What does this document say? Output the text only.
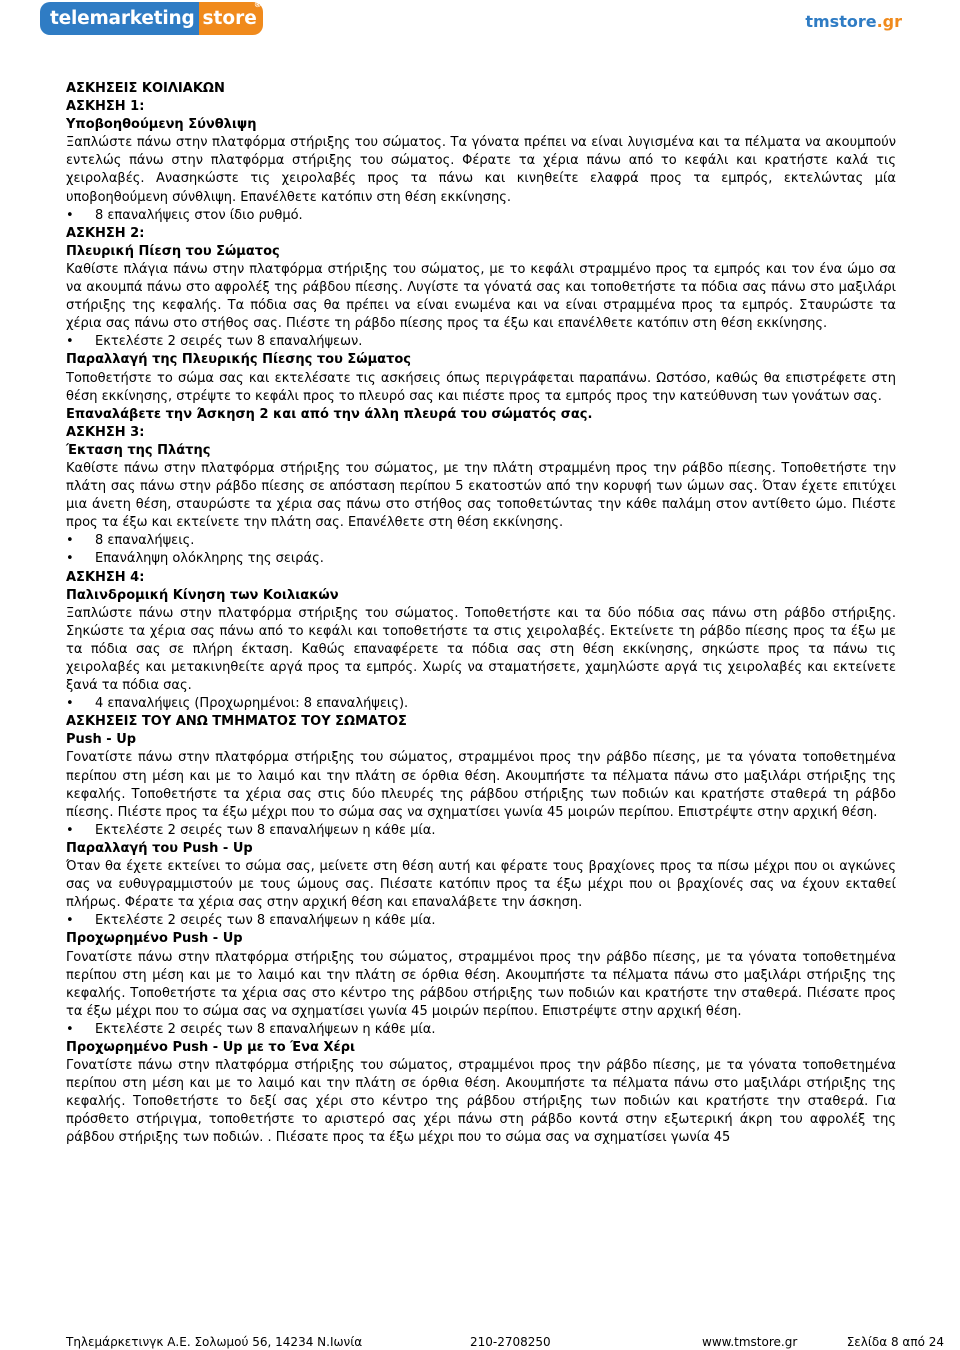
telemarketing store
®
tmstore.gr
ΑΣΚΗΣΕΙΣ ΚΟΙΛΙΑΚΩΝ
ΑΣΚΗΣΗ 1:
Υποβοηθούμενη Σύνθλιψη
Ξαπλώστε πάνω στην πλατφόρμα στήριξης του σώματος. Τα γόνατα πρέπει να είναι λυγισμένα και τα πέλματα να ακουμπούν εντελώς πάνω στην πλατφόρμα στήριξης του σώματος. Φέρατε τα χέρια πάνω από το κεφάλι και κρατήστε καλά τις χειρολαβές. Ανασηκώστε τις χειρολαβές προς τα πάνω και κινηθείτε ελαφρά προς τα εμπρός, εκτελώντας μία υποβοηθούμενη σύνθλιψη. Επανέλθετε κατόπιν στη θέση εκκίνησης.
• 8 επαναλήψεις στον ίδιο ρυθμό.
ΑΣΚΗΣΗ 2:
Πλευρική Πίεση του Σώματος
Καθίστε πλάγια πάνω στην πλατφόρμα στήριξης του σώματος, με το κεφάλι στραμμένο προς τα εμπρός και τον ένα ώμο σα να ακουμπά πάνω στο αφρολέξ της ράβδου πίεσης. Λυγίστε τα γόνατά σας και τοποθετήστε τα πόδια σας πάνω στο μαξιλάρι στήριξης της κεφαλής. Τα πόδια σας θα πρέπει να είναι ενωμένα και να είναι στραμμένα προς τα εμπρός. Σταυρώστε τα χέρια σας πάνω στο στήθος σας. Πιέστε τη ράβδο πίεσης προς τα έξω και επανέλθετε κατόπιν στη θέση εκκίνησης.
• Εκτελέστε 2 σειρές των 8 επαναλήψεων.
Παραλλαγή της Πλευρικής Πίεσης του Σώματος
Τοποθετήστε το σώμα σας και εκτελέσατε τις ασκήσεις όπως περιγράφεται παραπάνω. Ωστόσο, καθώς θα επιστρέφετε στη θέση εκκίνησης, στρέψτε το κεφάλι προς το πλευρό σας και πιέστε προς τα εμπρός προς την κατεύθυνση των γονάτων σας.
Επαναλάβετε την Άσκηση 2 και από την άλλη πλευρά του σώματός σας.
ΑΣΚΗΣΗ 3:
Έκταση της Πλάτης
Καθίστε πάνω στην πλατφόρμα στήριξης του σώματος, με την πλάτη στραμμένη προς την ράβδο πίεσης. Τοποθετήστε την πλάτη σας πάνω στην ράβδο πίεσης σε απόσταση περίπου 5 εκατοστών από την κορυφή των ώμων σας. Όταν έχετε επιτύχει μια άνετη θέση, σταυρώστε τα χέρια σας πάνω στο στήθος σας τοποθετώντας την κάθε παλάμη στον αντίθετο ώμο. Πιέστε προς τα έξω και εκτείνετε την πλάτη σας. Επανέλθετε στη θέση εκκίνησης.
• 8 επαναλήψεις.
• Επανάληψη ολόκληρης της σειράς.
ΑΣΚΗΣΗ 4:
Παλινδρομική Κίνηση των Κοιλιακών
Ξαπλώστε πάνω στην πλατφόρμα στήριξης του σώματος. Τοποθετήστε και τα δύο πόδια σας πάνω στη ράβδο στήριξης. Σηκώστε τα χέρια σας πάνω από το κεφάλι και τοποθετήστε τα στις χειρολαβές. Εκτείνετε τη ράβδο πίεσης προς τα έξω με τα πόδια σας σε πλήρη έκταση. Καθώς επαναφέρετε τα πόδια σας στη θέση εκκίνησης, σηκώστε προς τα πάνω τις χειρολαβές και μετακινηθείτε αργά προς τα εμπρός. Χωρίς να σταματήσετε, χαμηλώστε αργά τις χειρολαβές και εκτείνετε ξανά τα πόδια σας.
• 4 επαναλήψεις (Προχωρημένοι: 8 επαναλήψεις).
ΑΣΚΗΣΕΙΣ ΤΟΥ ΑΝΩ ΤΜΗΜΑΤΟΣ ΤΟΥ ΣΩΜΑΤΟΣ
Push - Up
Γονατίστε πάνω στην πλατφόρμα στήριξης του σώματος, στραμμένοι προς την ράβδο πίεσης, με τα γόνατα τοποθετημένα περίπου στη μέση και με το λαιμό και την πλάτη σε όρθια θέση. Ακουμπήστε τα πέλματα πάνω στο μαξιλάρι στήριξης της κεφαλής. Τοποθετήστε τα χέρια σας στις δύο πλευρές της ράβδου στήριξης των ποδιών και κρατήστε σταθερά τη ράβδο πίεσης. Πιέστε προς τα έξω μέχρι που το σώμα σας να σχηματίσει γωνία 45 μοιρών περίπου. Επιστρέψτε στην αρχική θέση.
• Εκτελέστε 2 σειρές των 8 επαναλήψεων η κάθε μία.
Παραλλαγή του Push - Up
Όταν θα έχετε εκτείνει το σώμα σας, μείνετε στη θέση αυτή και φέρατε τους βραχίονες προς τα πίσω μέχρι που οι αγκώνες σας να ευθυγραμμιστούν με τους ώμους σας. Πιέσατε κατόπιν προς τα έξω μέχρι που οι βραχίονές σας να έχουν εκταθεί πλήρως. Φέρατε τα χέρια σας στην αρχική θέση και επαναλάβετε την άσκηση.
• Εκτελέστε 2 σειρές των 8 επαναλήψεων η κάθε μία.
Προχωρημένο Push - Up
Γονατίστε πάνω στην πλατφόρμα στήριξης του σώματος, στραμμένοι προς την ράβδο πίεσης, με τα γόνατα τοποθετημένα περίπου στη μέση και με το λαιμό και την πλάτη σε όρθια θέση. Ακουμπήστε τα πέλματα πάνω στο μαξιλάρι στήριξης της κεφαλής. Τοποθετήστε τα χέρια σας στο κέντρο της ράβδου στήριξης των ποδιών και κρατήστε την σταθερά. Πιέσατε προς τα έξω μέχρι που το σώμα σας να σχηματίσει γωνία 45 μοιρών περίπου. Επιστρέψτε στην αρχική θέση.
• Εκτελέστε 2 σειρές των 8 επαναλήψεων η κάθε μία.
Προχωρημένο Push - Up με το Ένα Χέρι
Γονατίστε πάνω στην πλατφόρμα στήριξης του σώματος, στραμμένοι προς την ράβδο πίεσης, με τα γόνατα τοποθετημένα περίπου στη μέση και με το λαιμό και την πλάτη σε όρθια θέση. Ακουμπήστε τα πέλματα πάνω στο μαξιλάρι στήριξης της κεφαλής. Τοποθετήστε το δεξί σας χέρι στο κέντρο της ράβδου στήριξης των ποδιών και κρατήστε την σταθερά. Για πρόσθετο στήριγμα, τοποθετήστε το αριστερό σας χέρι πάνω στη ράβδο κοντά στην εξωτερική άκρη του αφρολέξ της ράβδου στήριξης των ποδιών. . Πιέσατε προς τα έξω μέχρι που το σώμα σας να σχηματίσει γωνία 45
Τηλεμάρκετινγκ Α.Ε. Σολωμού 56, 14234 Ν.Ιωνία	210-2708250	www.tmstore.gr	Σελίδα 8 από 24
